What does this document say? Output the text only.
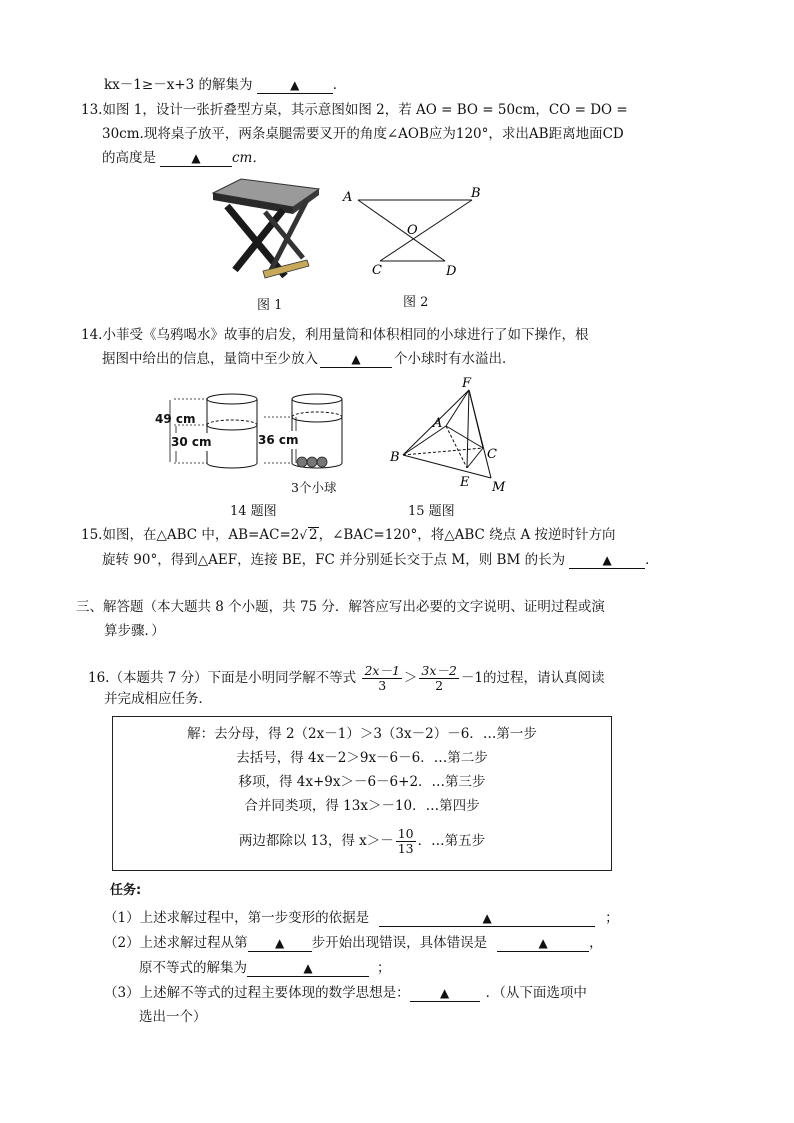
kx－1≥－x+3 的解集为	▲ ．
13.如图 1，设计一张折叠型方桌，其示意图如图 2，若 AO = BO = 50cm，CO = DO =
30cm.现将桌子放平，两条桌腿需要叉开的角度∠AOB应为120°，求出AB距离地面CD
的高度是	▲ cm．
图 1
A	B
O
C	D
图 2
14.小菲受《乌鸦喝水》故事的启发，利用量筒和体积相同的小球进行了如下操作，根
据图中给出的信息，量筒中至少放入	▲ 个小球时有水溢出．
49 cm
30 cm	36 cm
3个小球
14 题图
F
A
B	C
E M
15 题图
15.如图，在△ABC 中，AB=AC=2√ 2，∠BAC=120°，将△ABC 绕点 A 按逆时针方向
旋转 90°，得到△AEF，连接 BE，FC 并分别延长交于点 M，则 BM 的长为	▲ ．
三、解答题（本大题共 8 个小题，共 75 分．解答应写出必要的文字说明、证明过程或演
算步骤．）
16.（本题共 7 分）下面是小明同学解不等式 $\frac{2x-1}{3} > \frac{3x-2}{2} -1$的过程，请认真阅读
并完成相应任务．
解：去分母，得 2（2x－1）＞3（3x－2）－6．…第一步
去括号，得 4x－2＞9x－6－6．…第二步
移项，得 4x+9x＞－6－6+2．…第三步
合并同类项，得 13x＞－10．…第四步
两边都除以 13，得 $x>- \frac{10}{13}$ ．…第五步
任务:
（1）上述求解过程中，第一步变形的依据是	▲	；
（2）上述求解过程从第 ▲ 步开始出现错误，具体错误是	▲	，
原不等式的解集为	▲	；
（3）上述解不等式的过程主要体现的数学思想是：	▲	．（从下面选项中
选出一个）
